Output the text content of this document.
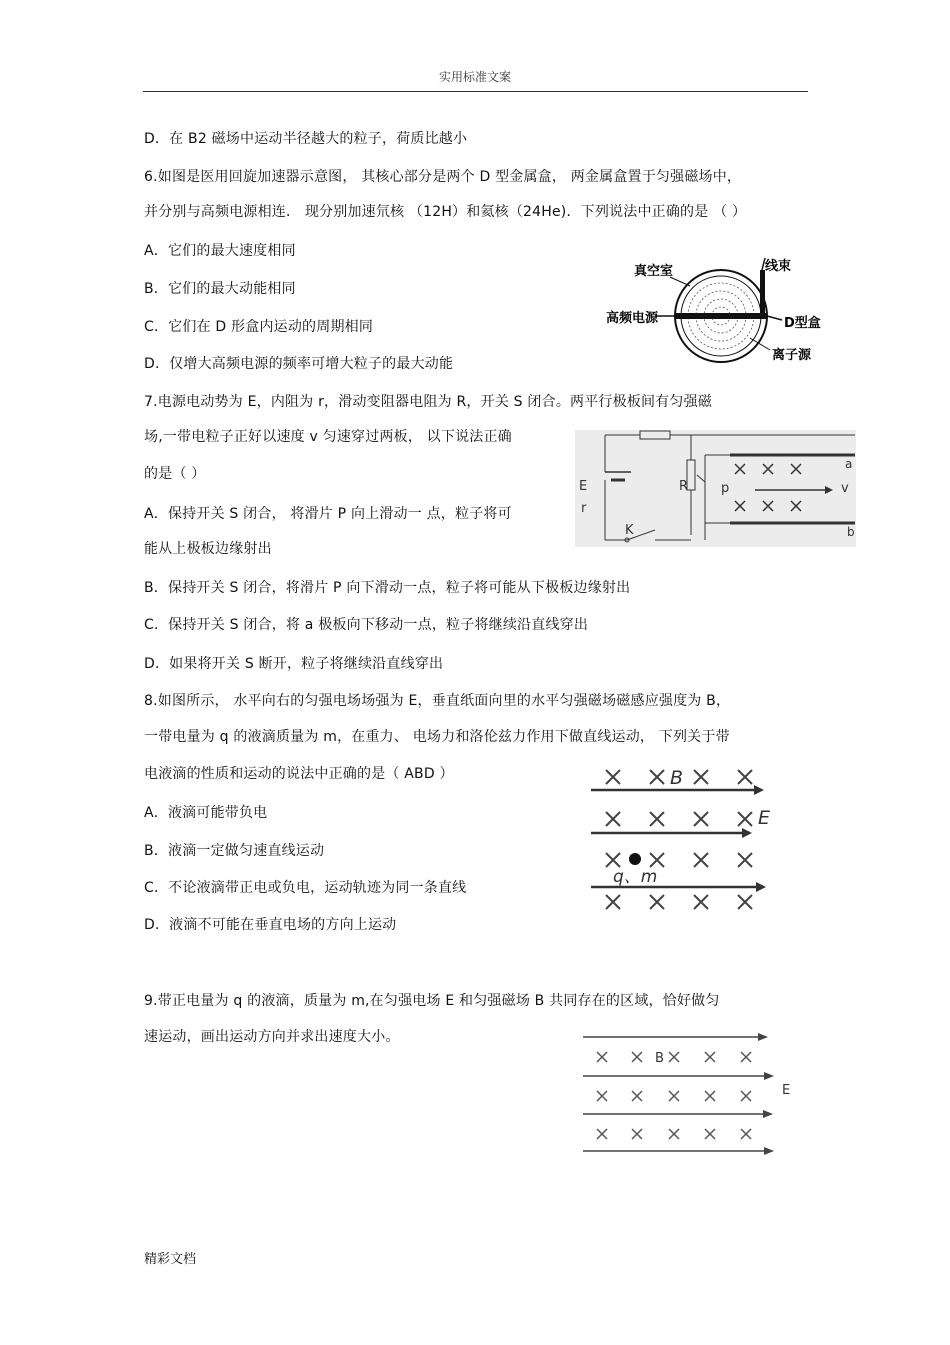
实用标准文案
D．在 B2 磁场中运动半径越大的粒子，荷质比越小
6.如图是医用回旋加速器示意图， 其核心部分是两个 D 型金属盒， 两金属盒置于匀强磁场中，
并分别与高频电源相连． 现分别加速氘核 （12H）和氦核（24He)．下列说法中正确的是 （ ）
A．它们的最大速度相同
B．它们的最大动能相同
C．它们在 D 形盒内运动的周期相同
D．仅增大高频电源的频率可增大粒子的最大动能
真空室	线束
高频电源	D型盒
离子源
7.电源电动势为 E，内阻为 r，滑动变阻器电阻为 R，开关 S 闭合。两平行极板间有匀强磁
场,一带电粒子正好以速度 v 匀速穿过两板， 以下说法正确
的是（ ）
A．保持开关 S 闭合， 将滑片 P 向上滑动一 点，粒子将可
能从上极板边缘射出
B．保持开关 S 闭合，将滑片 P 向下滑动一点，粒子将可能从下极板边缘射出
C．保持开关 S 闭合，将 a 极板向下移动一点，粒子将继续沿直线穿出
D．如果将开关 S 断开，粒子将继续沿直线穿出
E
r
R	p
K
v
a
b
8.如图所示， 水平向右的匀强电场场强为 E，垂直纸面向里的水平匀强磁场磁感应强度为 B，
一带电量为 q 的液滴质量为 m，在重力、 电场力和洛伦兹力作用下做直线运动， 下列关于带
电液滴的性质和运动的说法中正确的是（ ABD ）
A．液滴可能带负电
B．液滴一定做匀速直线运动
C．不论液滴带正电或负电，运动轨迹为同一条直线
D．液滴不可能在垂直电场的方向上运动
B
E
q、m
9.带正电量为 q 的液滴，质量为 m,在匀强电场 E 和匀强磁场 B 共同存在的区域，恰好做匀
速运动，画出运动方向并求出速度大小。
B
E
精彩文档
